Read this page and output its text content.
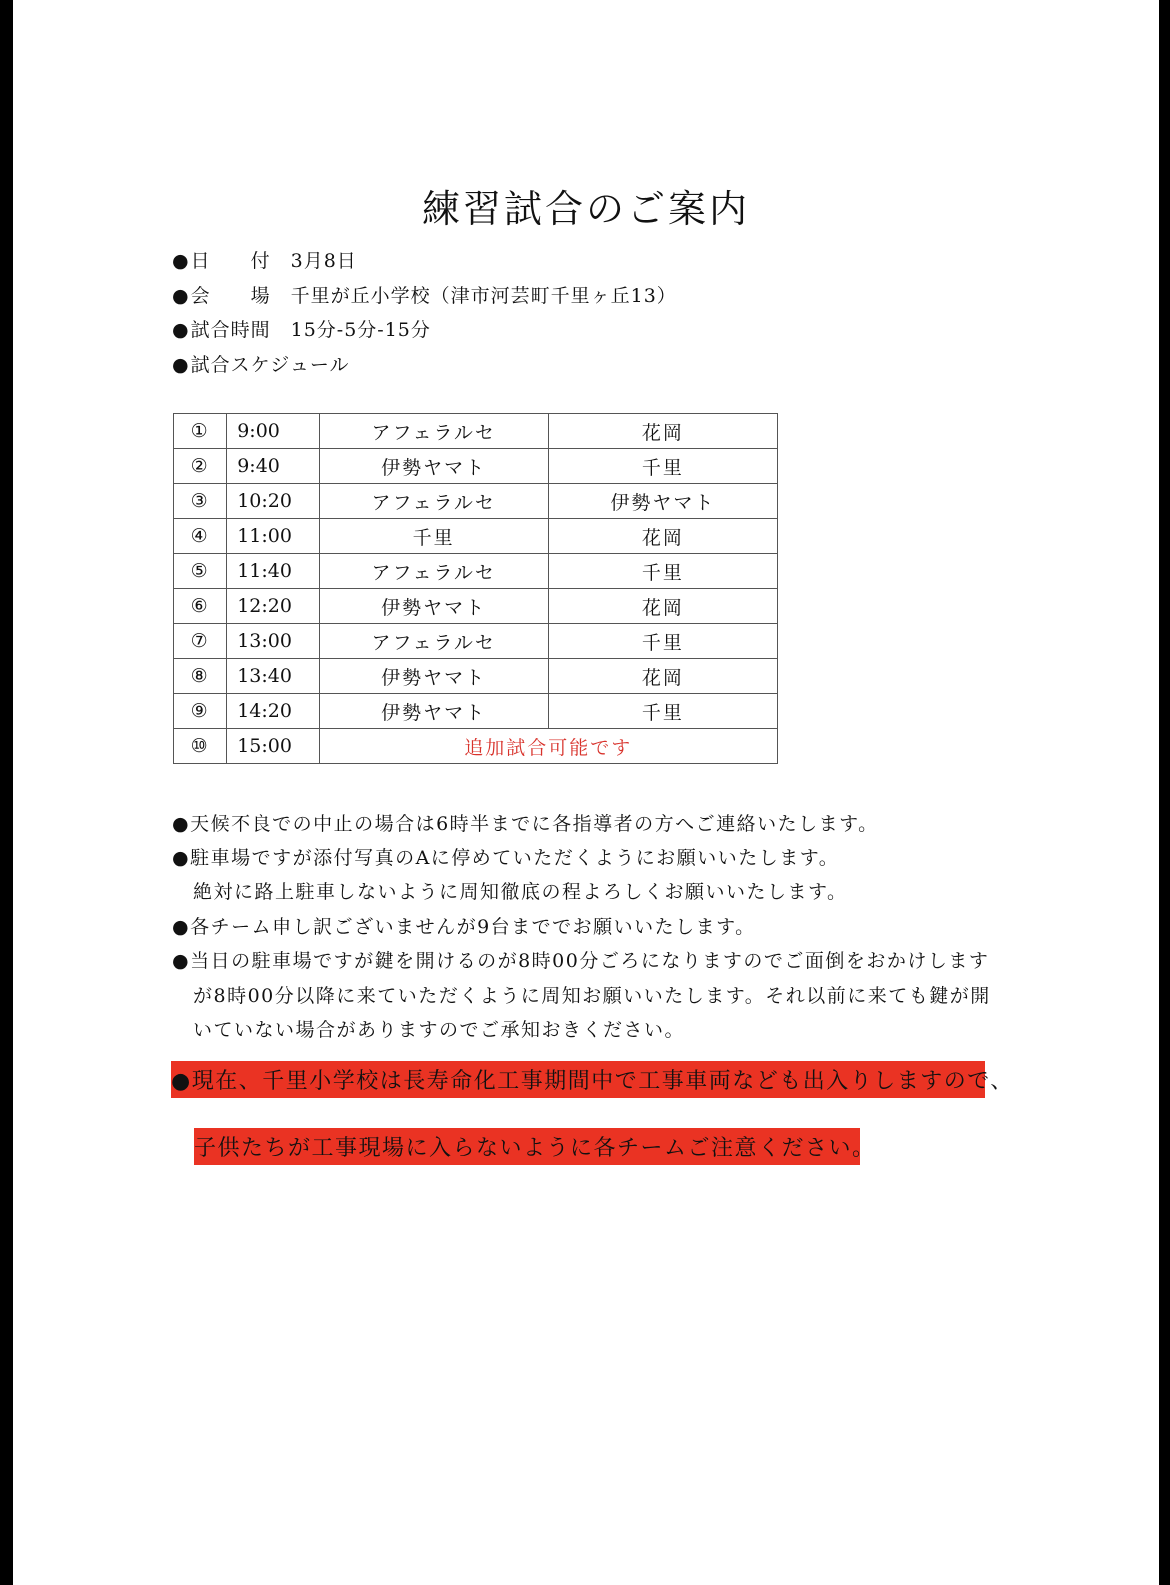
練習試合のご案内
●日　　付 3月8日
●会　　場 千里が丘小学校（津市河芸町千里ヶ丘13）
●試合時間 15分-5分-15分
●試合スケジュール
①	9:00	アフェラルセ	花岡
②	9:40	伊勢ヤマト	千里
③	10:20	アフェラルセ	伊勢ヤマト
④	11:00	千里	花岡
⑤	11:40	アフェラルセ	千里
⑥	12:20	伊勢ヤマト	花岡
⑦	13:00	アフェラルセ	千里
⑧	13:40	伊勢ヤマト	花岡
⑨	14:20	伊勢ヤマト	千里
⑩	15:00	追加試合可能です	
●天候不良での中止の場合は6時半までに各指導者の方へご連絡いたします。
●駐車場ですが添付写真のAに停めていただくようにお願いいたします。
絶対に路上駐車しないように周知徹底の程よろしくお願いいたします。
●各チーム申し訳ございませんが9台まででお願いいたします。
●当日の駐車場ですが鍵を開けるのが8時00分ごろになりますのでご面倒をおかけします
が8時00分以降に来ていただくように周知お願いいたします。それ以前に来ても鍵が開
いていない場合がありますのでご承知おきください。
●現在、千里小学校は長寿命化工事期間中で工事車両なども出入りしますので、
子供たちが工事現場に入らないように各チームご注意ください。
